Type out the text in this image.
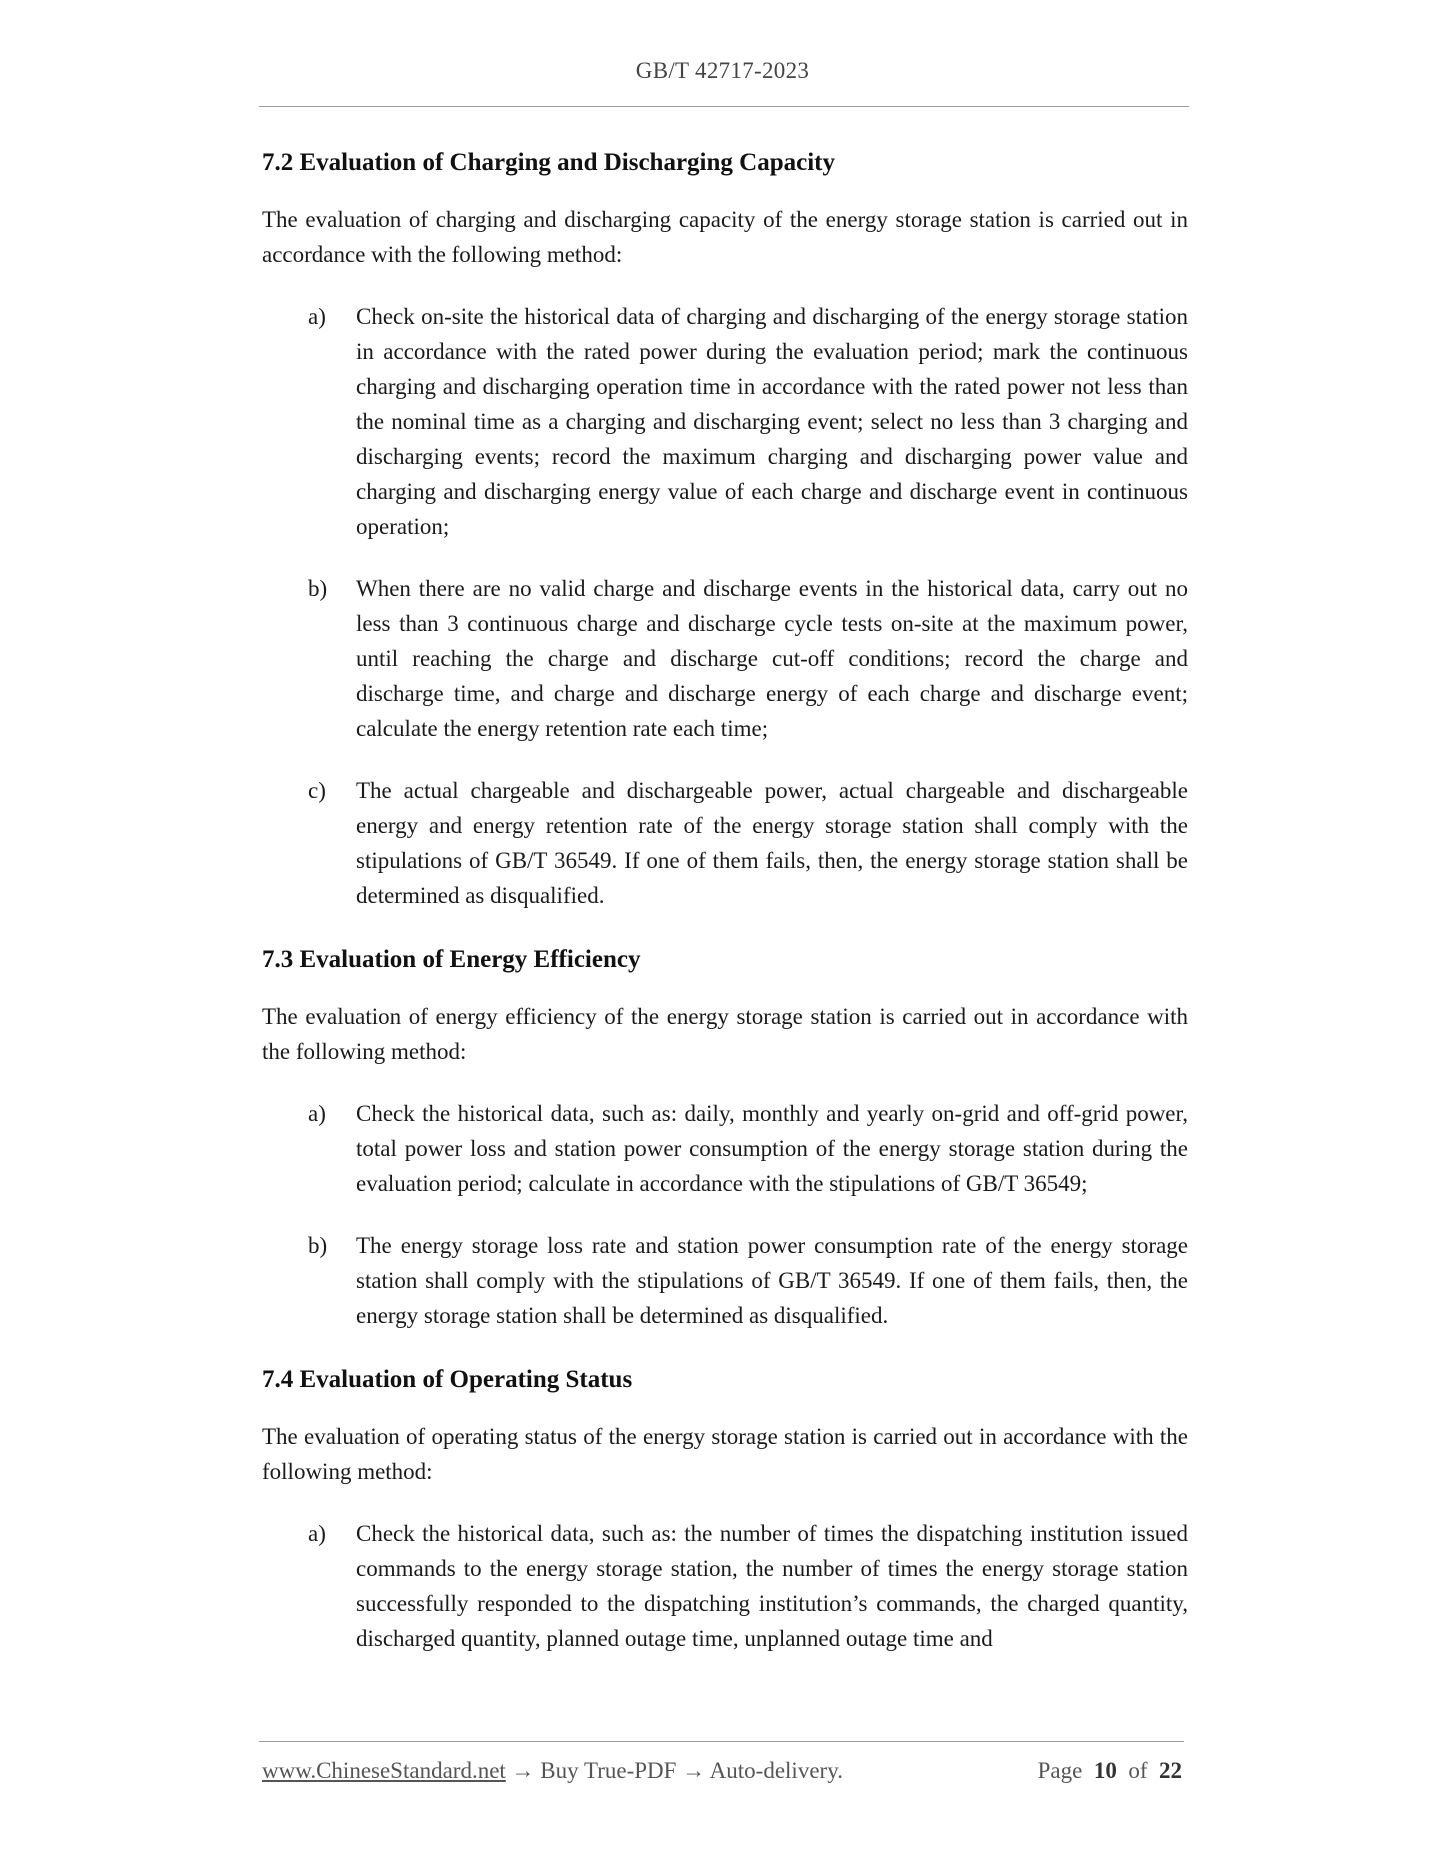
GB/T 42717-2023
7.2 Evaluation of Charging and Discharging Capacity

The evaluation of charging and discharging capacity of the energy storage station is carried out in accordance with the following method:

a) Check on-site the historical data of charging and discharging of the energy storage station in accordance with the rated power during the evaluation period; mark the continuous charging and discharging operation time in accordance with the rated power not less than the nominal time as a charging and discharging event; select no less than 3 charging and discharging events; record the maximum charging and discharging power value and charging and discharging energy value of each charge and discharge event in continuous operation;
b) When there are no valid charge and discharge events in the historical data, carry out no less than 3 continuous charge and discharge cycle tests on-site at the maximum power, until reaching the charge and discharge cut-off conditions; record the charge and discharge time, and charge and discharge energy of each charge and discharge event; calculate the energy retention rate each time;
c) The actual chargeable and dischargeable power, actual chargeable and dischargeable energy and energy retention rate of the energy storage station shall comply with the stipulations of GB/T 36549. If one of them fails, then, the energy storage station shall be determined as disqualified.
7.3 Evaluation of Energy Efficiency

The evaluation of energy efficiency of the energy storage station is carried out in accordance with the following method:

a) Check the historical data, such as: daily, monthly and yearly on-grid and off-grid power, total power loss and station power consumption of the energy storage station during the evaluation period; calculate in accordance with the stipulations of GB/T 36549;
b) The energy storage loss rate and station power consumption rate of the energy storage station shall comply with the stipulations of GB/T 36549. If one of them fails, then, the energy storage station shall be determined as disqualified.
7.4 Evaluation of Operating Status

The evaluation of operating status of the energy storage station is carried out in accordance with the following method:

a) Check the historical data, such as: the number of times the dispatching institution issued commands to the energy storage station, the number of times the energy storage station successfully responded to the dispatching institution’s commands, the charged quantity, discharged quantity, planned outage time, unplanned outage time and
www.ChineseStandard.net → Buy True-PDF → Auto-delivery.	Page 10 of 22
